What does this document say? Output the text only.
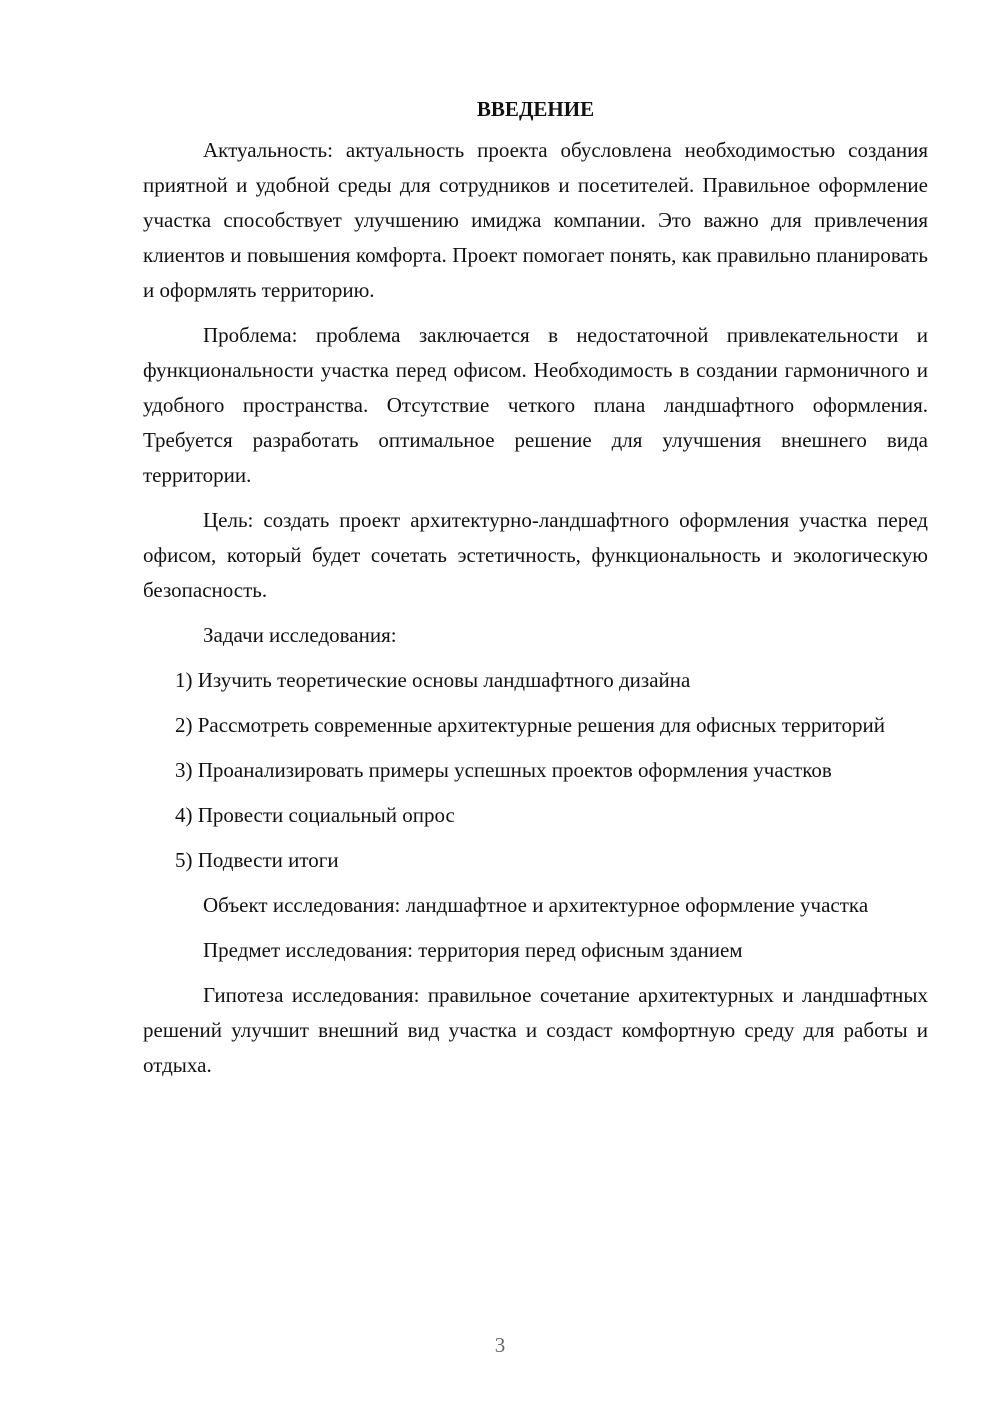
ВВЕДЕНИЕ

Актуальность: актуальность проекта обусловлена необходимостью создания приятной и удобной среды для сотрудников и посетителей. Правильное оформление участка способствует улучшению имиджа компании. Это важно для привлечения клиентов и повышения комфорта. Проект помогает понять, как правильно планировать и оформлять территорию.

Проблема: проблема заключается в недостаточной привлекательности и функциональности участка перед офисом. Необходимость в создании гармоничного и удобного пространства. Отсутствие четкого плана ландшафтного оформления. Требуется разработать оптимальное решение для улучшения внешнего вида территории.

Цель: создать проект архитектурно-ландшафтного оформления участка перед офисом, который будет сочетать эстетичность, функциональность и экологическую безопасность.

Задачи исследования:

1) Изучить теоретические основы ландшафтного дизайна

2) Рассмотреть современные архитектурные решения для офисных территорий

3) Проанализировать примеры успешных проектов оформления участков

4) Провести социальный опрос

5) Подвести итоги

Объект исследования: ландшафтное и архитектурное оформление участка

Предмет исследования: территория перед офисным зданием

Гипотеза исследования: правильное сочетание архитектурных и ландшафтных решений улучшит внешний вид участка и создаст комфортную среду для работы и отдыха.

3
